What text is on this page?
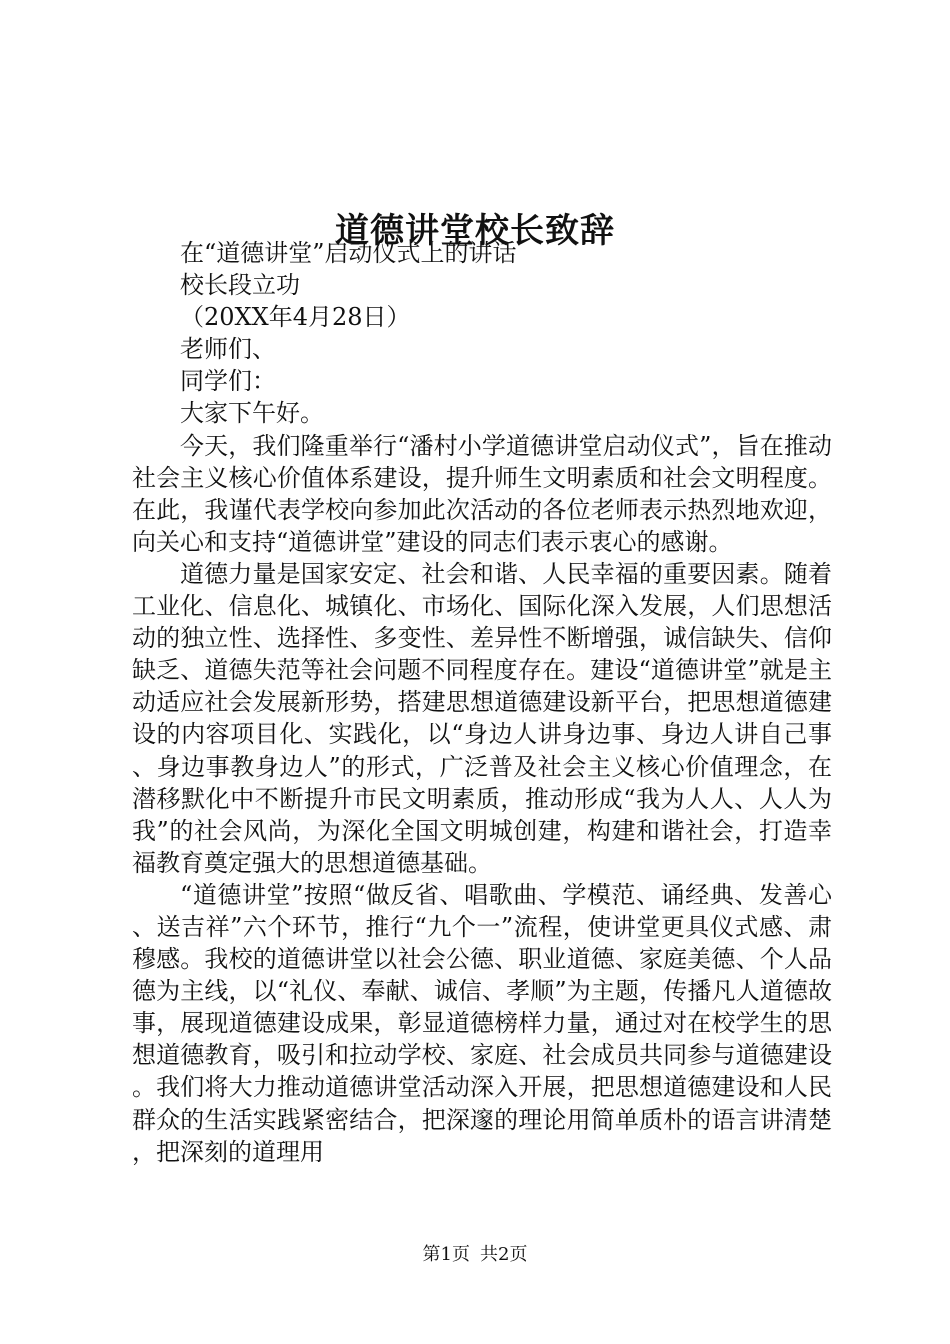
道德讲堂校长致辞

在“道德讲堂”启动仪式上的讲话

校长段立功

（20XX年4月28日）

老师们、

同学们：

大家下午好。

今天，我们隆重举行“潘村小学道德讲堂启动仪式”，旨在推动社会主义核心价值体系建设，提升师生文明素质和社会文明程度。在此，我谨代表学校向参加此次活动的各位老师表示热烈地欢迎，向关心和支持“道德讲堂”建设的同志们表示衷心的感谢。

道德力量是国家安定、社会和谐、人民幸福的重要因素。随着工业化、信息化、城镇化、市场化、国际化深入发展，人们思想活动的独立性、选择性、多变性、差异性不断增强，诚信缺失、信仰缺乏、道德失范等社会问题不同程度存在。建设“道德讲堂”就是主动适应社会发展新形势，搭建思想道德建设新平台，把思想道德建设的内容项目化、实践化，以“身边人讲身边事、身边人讲自己事、身边事教身边人”的形式，广泛普及社会主义核心价值理念，在潜移默化中不断提升市民文明素质，推动形成“我为人人、人人为我”的社会风尚，为深化全国文明城创建，构建和谐社会，打造幸福教育奠定强大的思想道德基础。

“道德讲堂”按照“做反省、唱歌曲、学模范、诵经典、发善心、送吉祥”六个环节，推行“九个一”流程，使讲堂更具仪式感、肃穆感。我校的道德讲堂以社会公德、职业道德、家庭美德、个人品德为主线，以“礼仪、奉献、诚信、孝顺”为主题，传播凡人道德故事，展现道德建设成果，彰显道德榜样力量，通过对在校学生的思想道德教育，吸引和拉动学校、家庭、社会成员共同参与道德建设。我们将大力推动道德讲堂活动深入开展，把思想道德建设和人民群众的生活实践紧密结合，把深邃的理论用简单质朴的语言讲清楚，把深刻的道理用

第1页 共2页
